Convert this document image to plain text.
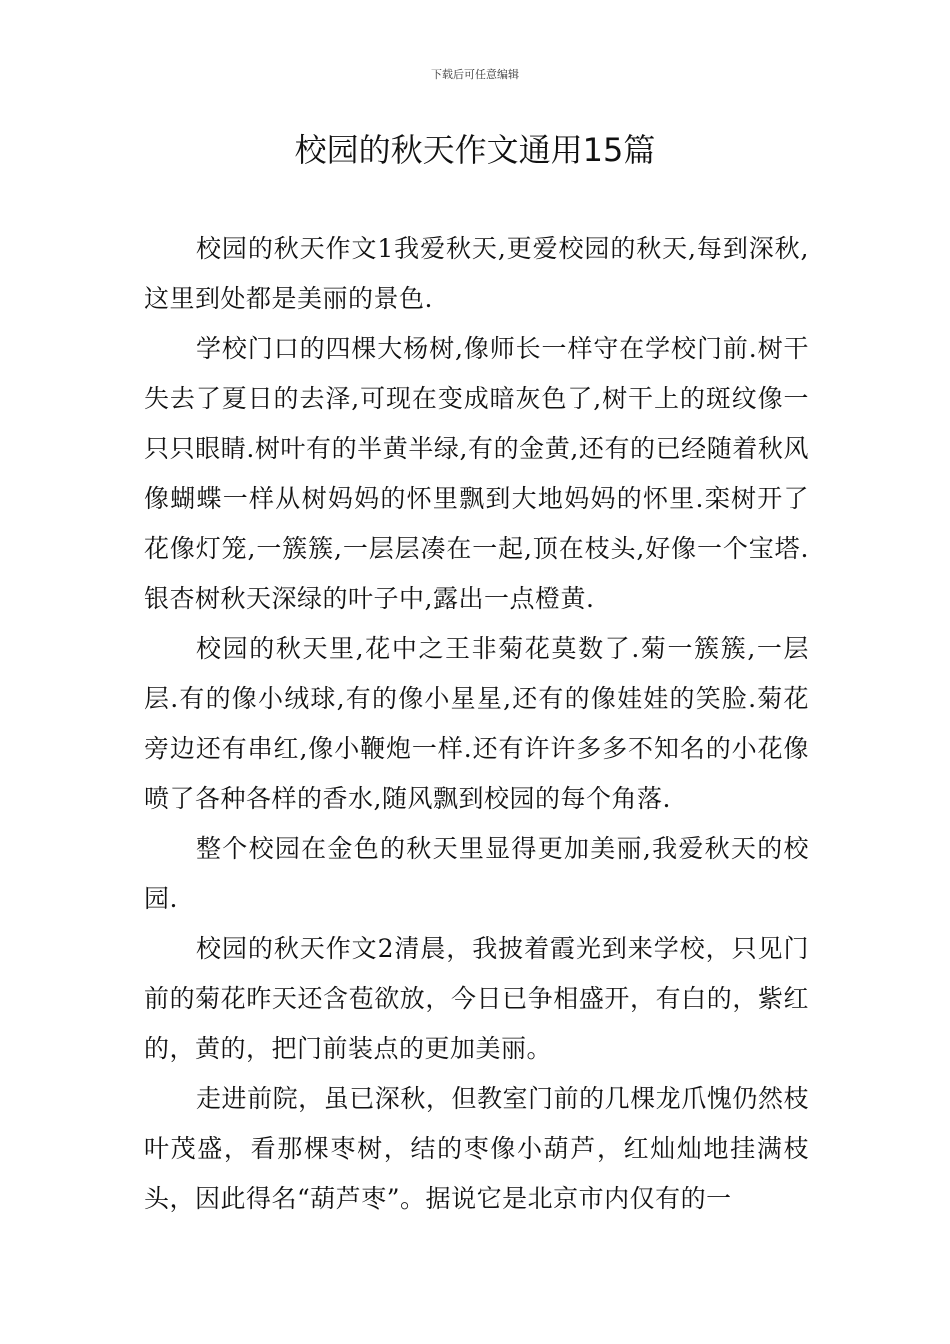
下载后可任意编辑
校园的秋天作文通用15篇

校园的秋天作文1我爱秋天,更爱校园的秋天,每到深秋,这里到处都是美丽的景色.

学校门口的四棵大杨树,像师长一样守在学校门前.树干失去了夏日的去泽,可现在变成暗灰色了,树干上的斑纹像一只只眼睛.树叶有的半黄半绿,有的金黄,还有的已经随着秋风像蝴蝶一样从树妈妈的怀里飘到大地妈妈的怀里.栾树开了花像灯笼,一簇簇,一层层凑在一起,顶在枝头,好像一个宝塔.银杏树秋天深绿的叶子中,露出一点橙黄.

校园的秋天里,花中之王非菊花莫数了.菊一簇簇,一层层.有的像小绒球,有的像小星星,还有的像娃娃的笑脸.菊花旁边还有串红,像小鞭炮一样.还有许许多多不知名的小花像喷了各种各样的香水,随风飘到校园的每个角落.

整个校园在金色的秋天里显得更加美丽,我爱秋天的校园.

校园的秋天作文2清晨，我披着霞光到来学校，只见门前的菊花昨天还含苞欲放，今日已争相盛开，有白的，紫红的，黄的，把门前装点的更加美丽。

走进前院，虽已深秋，但教室门前的几棵龙爪愧仍然枝叶茂盛，看那棵枣树，结的枣像小葫芦，红灿灿地挂满枝头，因此得名“葫芦枣”。据说它是北京市内仅有的一
